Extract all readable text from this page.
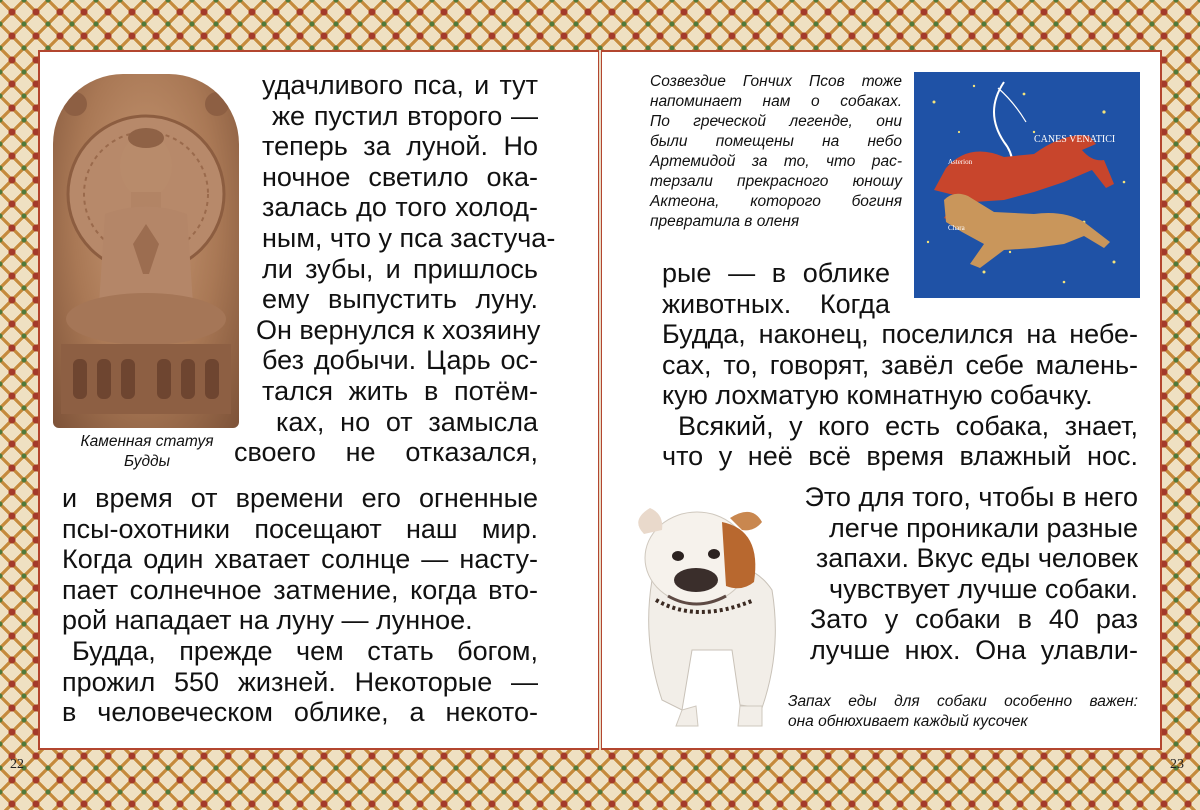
Каменная статуя
Будды
удачливого пса, и тут
же пустил второго —
теперь за луной. Но
ночное светило ока-
залась до того холод-
ным, что у пса застуча-
ли зубы, и пришлось
ему выпустить луну.
Он вернулся к хозяину
без добычи. Царь ос-
тался жить в потём-
ках, но от замысла
своего не отказался,
и время от времени его огненные
псы-охотники посещают наш мир.
Когда один хватает солнце — насту-
пает солнечное затмение, когда вто-
рой нападает на луну — лунное.
Будда, прежде чем стать богом,
прожил 550 жизней. Некоторые —
в человеческом облике, а некото-
22
Созвездие Гончих Псов тоже
напоминает нам о собаках.
По греческой легенде, они
были помещены на небо
Артемидой за то, что рас-
терзали прекрасного юношу
Актеона, которого богиня
превратила в оленя
CANES VENATICI
Asterion
Chara
рые — в облике
животных. Когда
Будда, наконец, поселился на небе-
сах, то, говорят, завёл себе малень-
кую лохматую комнатную собачку.
Всякий, у кого есть собака, знает,
что у неё всё время влажный нос.
Это для того, чтобы в него
легче проникали разные
запахи. Вкус еды человек
чувствует лучше собаки.
Зато у собаки в 40 раз
лучше нюх. Она улавли-
Запах еды для собаки особенно важен:
она обнюхивает каждый кусочек
23
